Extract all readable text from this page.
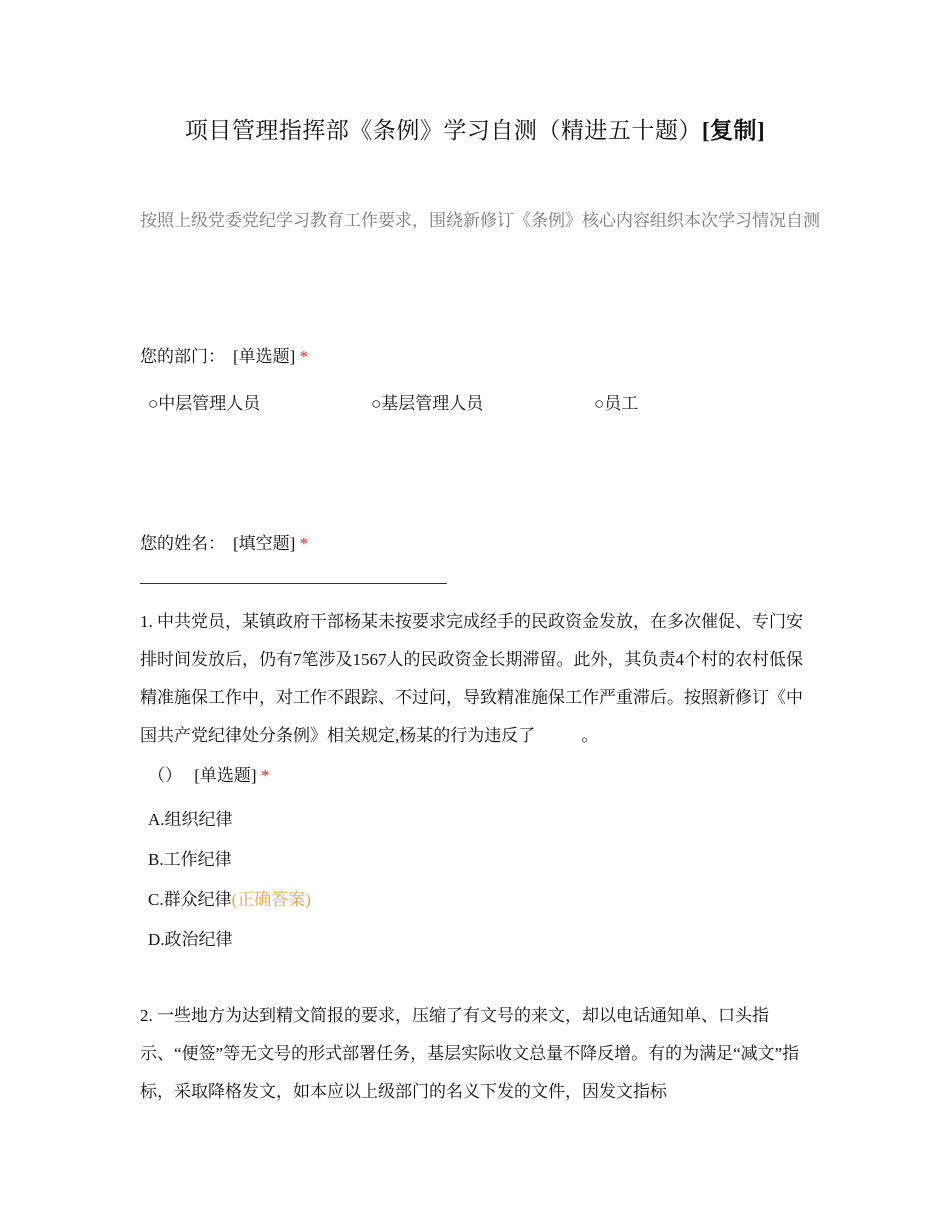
项目管理指挥部《条例》学习自测（精进五十题）[复制]
按照上级党委党纪学习教育工作要求，围绕新修订《条例》核心内容组织本次学习情况自测
您的部门： [单选题] *
○中层管理人员	○基层管理人员	○员工
您的姓名： [填空题] *
1. 中共党员，某镇政府干部杨某未按要求完成经手的民政资金发放，在多次催促、专门安排时间发放后，仍有7笔涉及1567人的民政资金长期滞留。此外，其负责4个村的农村低保精准施保工作中，对工作不跟踪、不过问，导致精准施保工作严重滞后。按照新修订《中国共产党纪律处分条例》相关规定,杨某的行为违反了	。
（） [单选题] *
A.组织纪律
B.工作纪律
C.群众纪律(正确答案)
D.政治纪律
2. 一些地方为达到精文简报的要求，压缩了有文号的来文，却以电话通知单、口头指示、“便签”等无文号的形式部署任务，基层实际收文总量不降反增。有的为满足“减文”指标，采取降格发文，如本应以上级部门的名义下发的文件，因发文指标
